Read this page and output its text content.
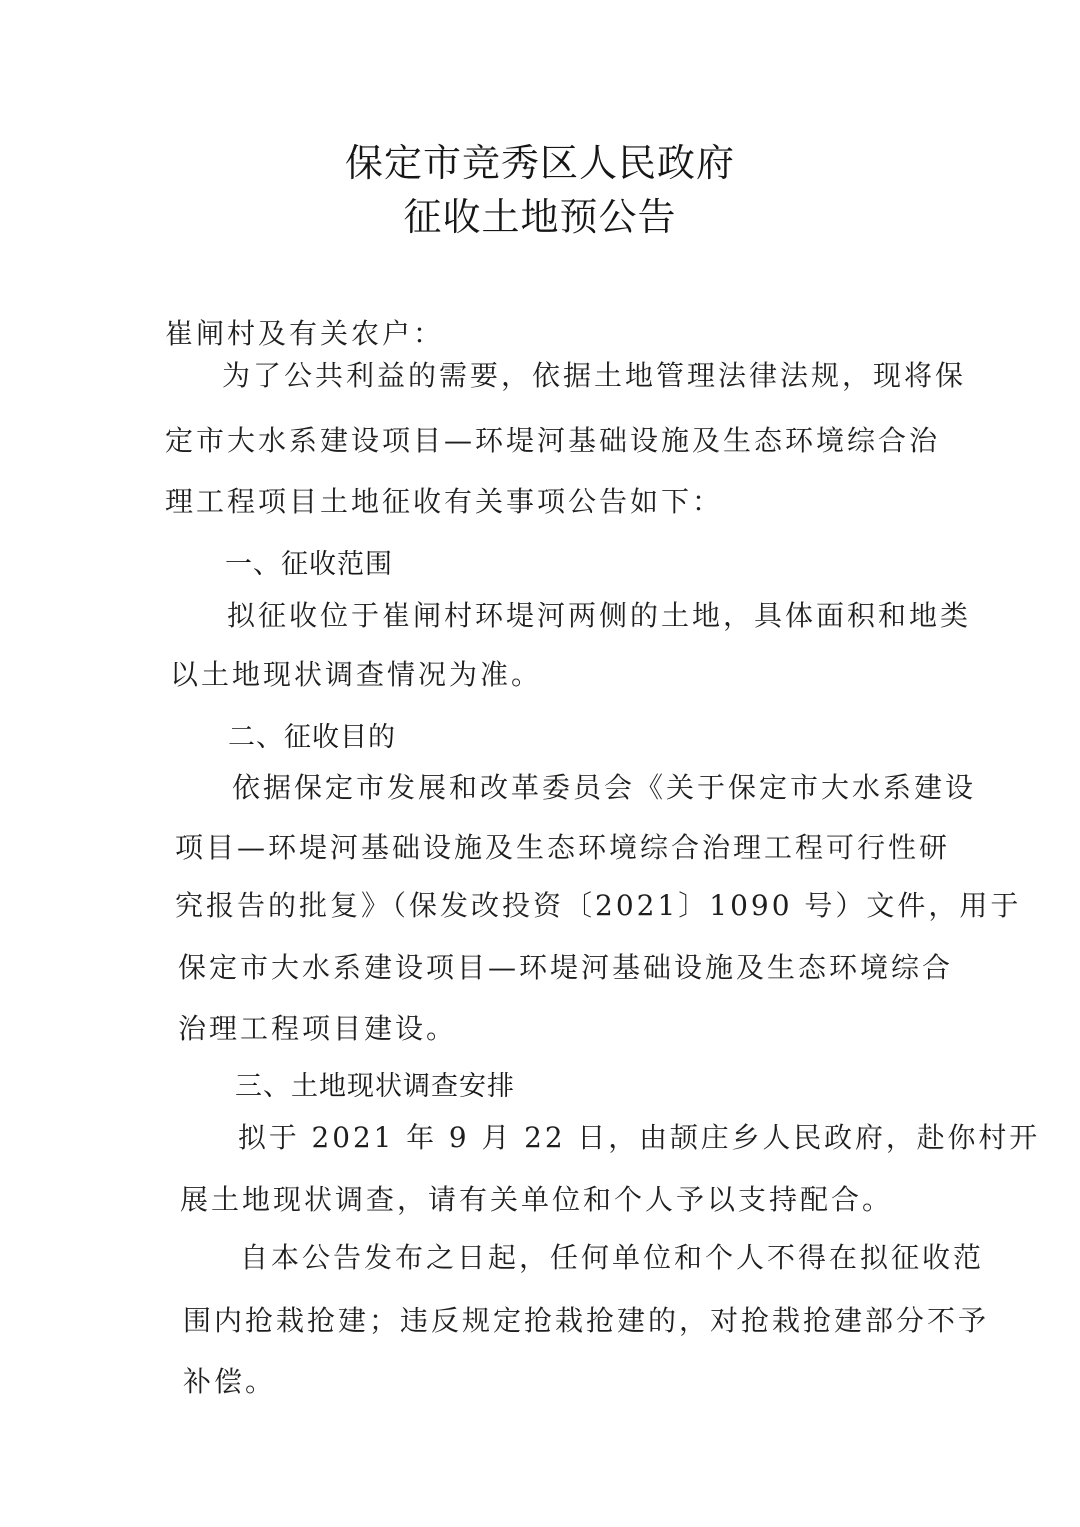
保定市竞秀区人民政府
征收土地预公告
崔闸村及有关农户：
为了公共利益的需要，依据土地管理法律法规，现将保
定市大水系建设项目—环堤河基础设施及生态环境综合治
理工程项目土地征收有关事项公告如下：
一、征收范围
拟征收位于崔闸村环堤河两侧的土地，具体面积和地类
以土地现状调查情况为准。
二、征收目的
依据保定市发展和改革委员会《关于保定市大水系建设
项目—环堤河基础设施及生态环境综合治理工程可行性研
究报告的批复》（保发改投资〔2021〕1090 号）文件，用于
保定市大水系建设项目—环堤河基础设施及生态环境综合
治理工程项目建设。
三、土地现状调查安排
拟于 2021 年 9 月 22 日，由颉庄乡人民政府，赴你村开
展土地现状调查，请有关单位和个人予以支持配合。
自本公告发布之日起，任何单位和个人不得在拟征收范
围内抢栽抢建；违反规定抢栽抢建的，对抢栽抢建部分不予
补偿。
